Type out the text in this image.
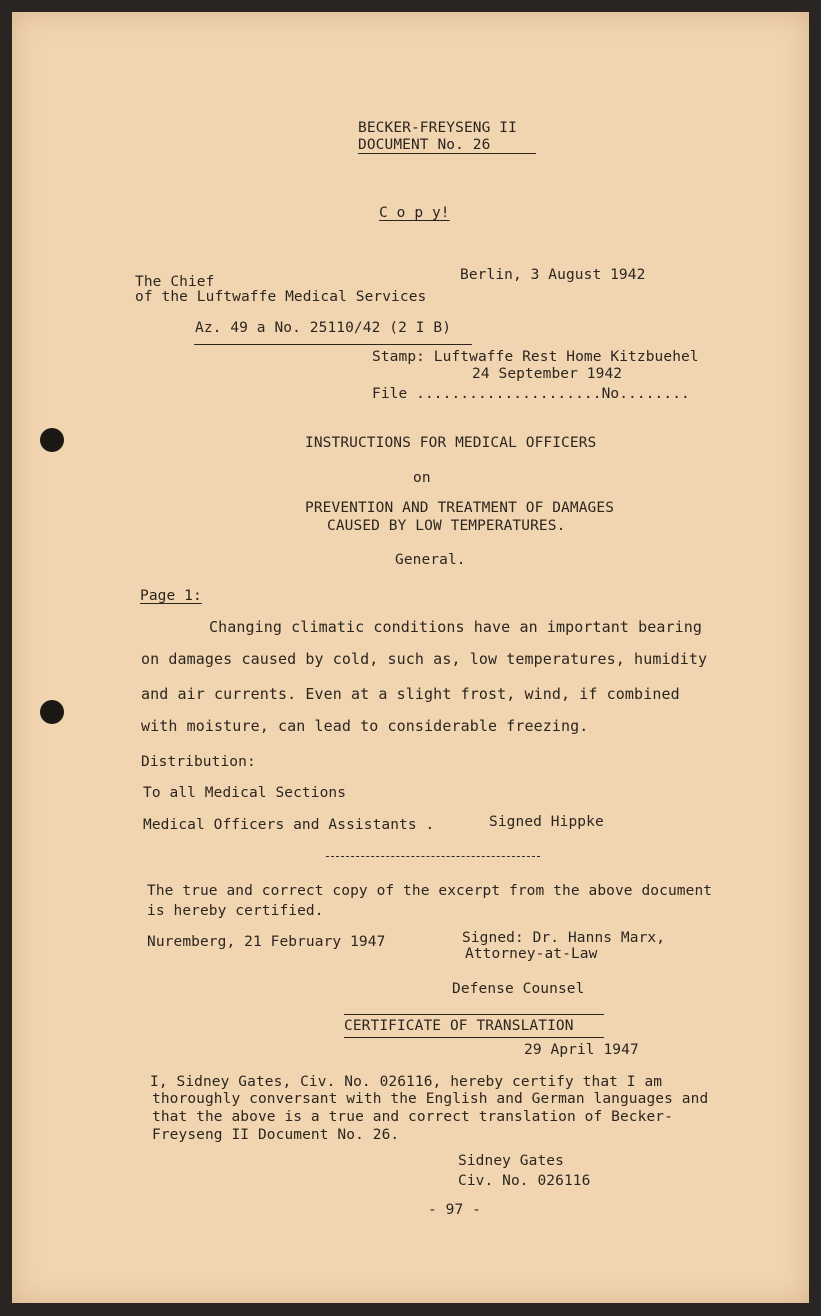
BECKER-FREYSENG II
DOCUMENT No. 26
C o p y!
The Chief
of the Luftwaffe Medical Services
Berlin, 3 August 1942
Az. 49 a No. 25110/42 (2 I B)
Stamp: Luftwaffe Rest Home Kitzbuehel
24 September 1942
File .....................No........
INSTRUCTIONS FOR MEDICAL OFFICERS
on
PREVENTION AND TREATMENT OF DAMAGES
CAUSED BY LOW TEMPERATURES.
General.
Page 1:
Changing climatic conditions have an important bearing
on damages caused by cold, such as, low temperatures, humidity
and air currents. Even at a slight frost, wind, if combined
with moisture, can lead to considerable freezing.
Distribution:
To all Medical Sections
Medical Officers and Assistants .	Signed Hippke
The true and correct copy of the excerpt from the above document
is hereby certified.
Nuremberg, 21 February 1947	Signed: Dr. Hanns Marx,
Attorney-at-Law
Defense Counsel
CERTIFICATE OF TRANSLATION
29 April 1947
I, Sidney Gates, Civ. No. 026116, hereby certify that I am
thoroughly conversant with the English and German languages and
that the above is a true and correct translation of Becker-
Freyseng II Document No. 26.
Sidney Gates
Civ. No. 026116
- 97 -
